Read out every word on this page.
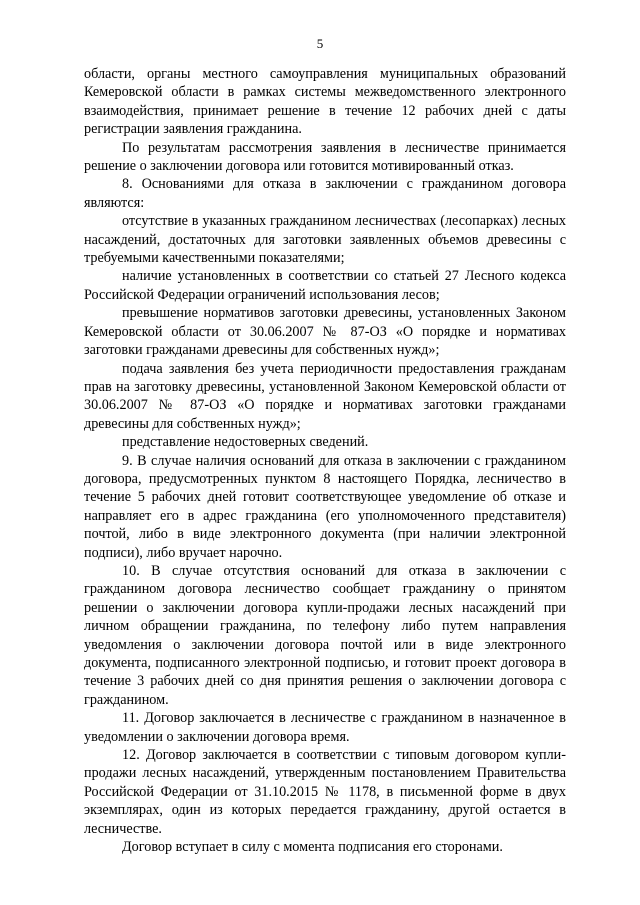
5

области, органы местного самоуправления муниципальных образований Кемеровской области в рамках системы межведомственного электронного взаимодействия, принимает решение в течение 12 рабочих дней с даты регистрации заявления гражданина.

По результатам рассмотрения заявления в лесничестве принимается решение о заключении договора или готовится мотивированный отказ.

8. Основаниями для отказа в заключении с гражданином договора являются:

отсутствие в указанных гражданином лесничествах (лесопарках) лесных насаждений, достаточных для заготовки заявленных объемов древесины с требуемыми качественными показателями;

наличие установленных в соответствии со статьей 27 Лесного кодекса Российской Федерации ограничений использования лесов;

превышение нормативов заготовки древесины, установленных Законом Кемеровской области от 30.06.2007 № 87-ОЗ «О порядке и нормативах заготовки гражданами древесины для собственных нужд»;

подача заявления без учета периодичности предоставления гражданам прав на заготовку древесины, установленной Законом Кемеровской области от 30.06.2007 № 87-ОЗ «О порядке и нормативах заготовки гражданами древесины для собственных нужд»;

представление недостоверных сведений.

9. В случае наличия оснований для отказа в заключении с гражданином договора, предусмотренных пунктом 8 настоящего Порядка, лесничество в течение 5 рабочих дней готовит соответствующее уведомление об отказе и направляет его в адрес гражданина (его уполномоченного представителя) почтой, либо в виде электронного документа (при наличии электронной подписи), либо вручает нарочно.

10. В случае отсутствия оснований для отказа в заключении с гражданином договора лесничество сообщает гражданину о принятом решении о заключении договора купли-продажи лесных насаждений при личном обращении гражданина, по телефону либо путем направления уведомления о заключении договора почтой или в виде электронного документа, подписанного электронной подписью, и готовит проект договора в течение 3 рабочих дней со дня принятия решения о заключении договора с гражданином.

11. Договор заключается в лесничестве с гражданином в назначенное в уведомлении о заключении договора время.

12. Договор заключается в соответствии с типовым договором купли-продажи лесных насаждений, утвержденным постановлением Правительства Российской Федерации от 31.10.2015 № 1178, в письменной форме в двух экземплярах, один из которых передается гражданину, другой остается в лесничестве.

Договор вступает в силу с момента подписания его сторонами.
